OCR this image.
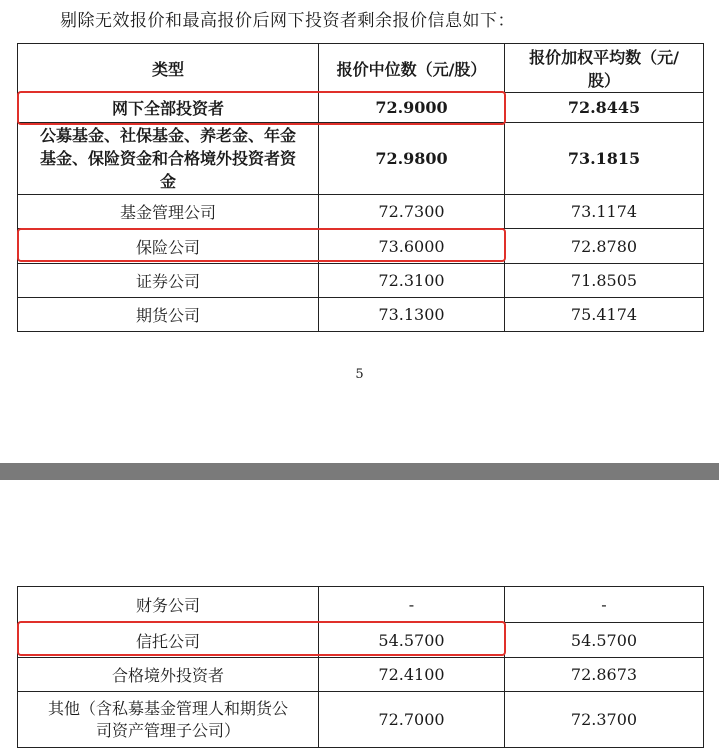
剔除无效报价和最高报价后网下投资者剩余报价信息如下：
类型	报价中位数（元/股）	报价加权平均数（元/
股）
网下全部投资者	72.9000	72.8445
公募基金、社保基金、养老金、年金
基金、保险资金和合格境外投资者资
金	72.9800	73.1815
基金管理公司	72.7300	73.1174
保险公司	73.6000	72.8780
证券公司	72.3100	71.8505
期货公司	73.1300	75.4174
5
财务公司	-	-
信托公司	54.5700	54.5700
合格境外投资者	72.4100	72.8673
其他（含私募基金管理人和期货公
司资产管理子公司）	72.7000	72.3700
